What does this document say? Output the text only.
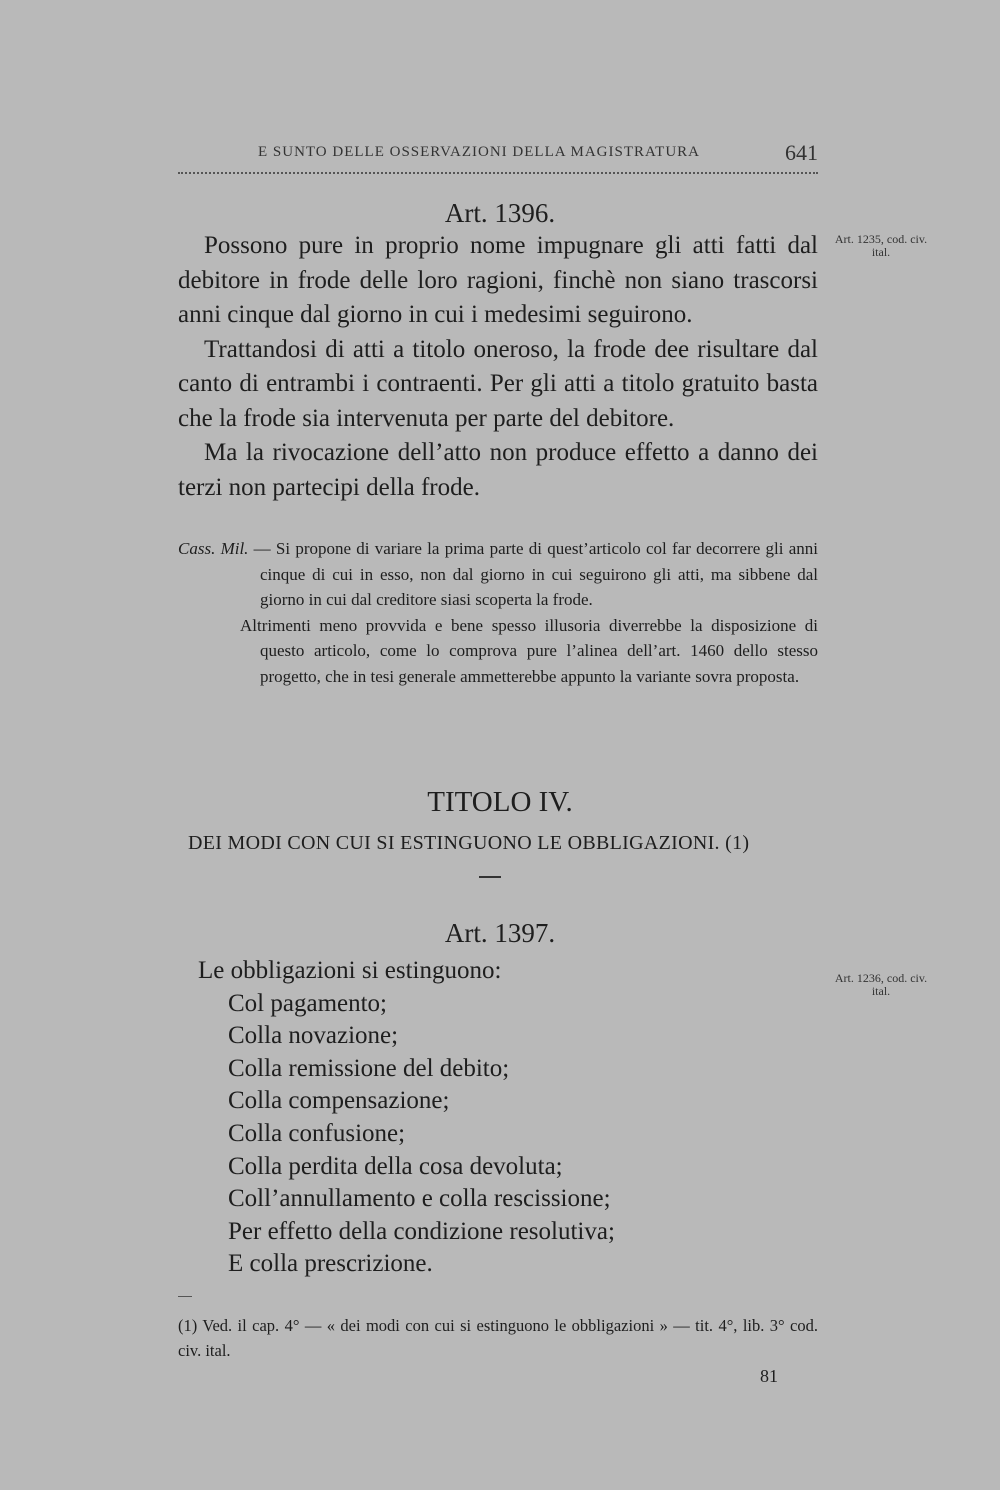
E SUNTO DELLE OSSERVAZIONI DELLA MAGISTRATURA	641
Art. 1396.
Art. 1235, cod. civ. ital.

Possono pure in proprio nome impugnare gli atti fatti dal debitore in frode delle loro ragioni, finchè non siano trascorsi anni cinque dal giorno in cui i medesimi seguirono.

Trattandosi di atti a titolo oneroso, la frode dee risultare dal canto di entrambi i contraenti. Per gli atti a titolo gratuito basta che la frode sia intervenuta per parte del debitore.

Ma la rivocazione dell’atto non produce effetto a danno dei terzi non partecipi della frode.

Cass. Mil. — Si propone di variare la prima parte di quest’articolo col far decorrere gli anni cinque di cui in esso, non dal giorno in cui seguirono gli atti, ma sibbene dal giorno in cui dal creditore siasi scoperta la frode.

Altrimenti meno provvida e bene spesso illusoria diverrebbe la disposizione di questo articolo, come lo comprova pure l’alinea dell’art. 1460 dello stesso progetto, che in tesi generale ammetterebbe appunto la variante sovra proposta.

TITOLO IV.
DEI MODI CON CUI SI ESTINGUONO LE OBBLIGAZIONI. (1)
Art. 1397.
Art. 1236, cod. civ. ital.

Le obbligazioni si estinguono:

Col pagamento;
Colla novazione;
Colla remissione del debito;
Colla compensazione;
Colla confusione;
Colla perdita della cosa devoluta;
Coll’annullamento e colla rescissione;
Per effetto della condizione resolutiva;
E colla prescrizione.

(1) Ved. il cap. 4° — « dei modi con cui si estinguono le obbligazioni » — tit. 4°, lib. 3° cod. civ. ital.

81
